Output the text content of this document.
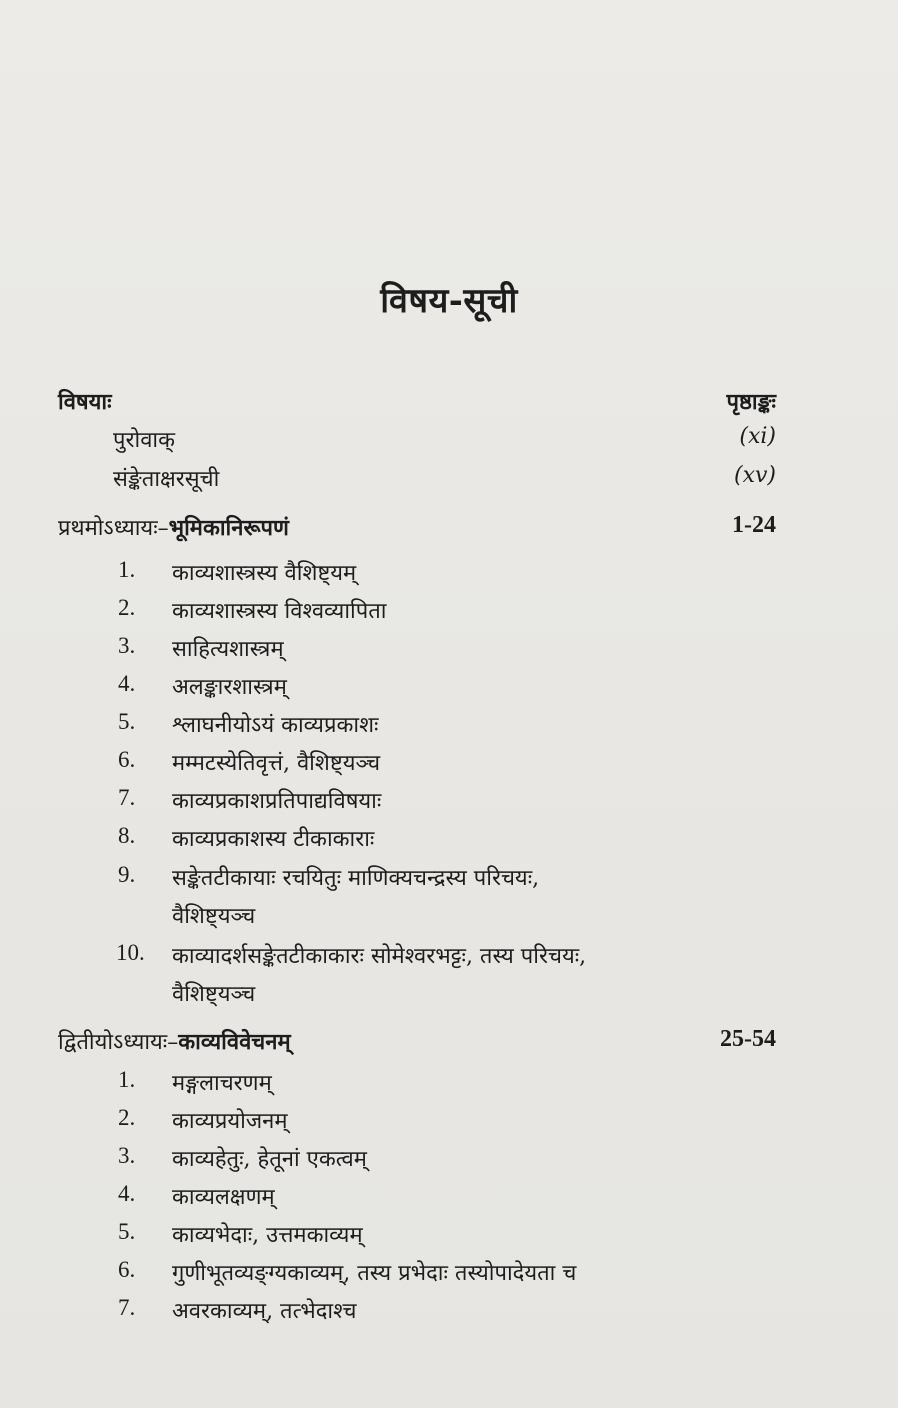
विषय-सूची
विषयाः	पृष्ठाङ्कः
पुरोवाक्	(xi)
संङ्केताक्षरसूची	(xv)
प्रथमोऽध्यायः–भूमिकानिरूपणं	1-24
1.	काव्यशास्त्रस्य वैशिष्ट्यम्
2.	काव्यशास्त्रस्य विश्वव्यापिता
3.	साहित्यशास्त्रम्
4.	अलङ्कारशास्त्रम्
5.	श्लाघनीयोऽयं काव्यप्रकाशः
6.	मम्मटस्येतिवृत्तं, वैशिष्ट्यञ्च
7.	काव्यप्रकाशप्रतिपाद्यविषयाः
8.	काव्यप्रकाशस्य टीकाकाराः
9.	सङ्केतटीकायाः रचयितुः माणिक्यचन्द्रस्य परिचयः,
वैशिष्ट्यञ्च
10.	काव्यादर्शसङ्केतटीकाकारः सोमेश्वरभट्टः, तस्य परिचयः,
वैशिष्ट्यञ्च
द्वितीयोऽध्यायः–काव्यविवेचनम्	25-54
1.	मङ्गलाचरणम्
2.	काव्यप्रयोजनम्
3.	काव्यहेतुः, हेतूनां एकत्वम्
4.	काव्यलक्षणम्
5.	काव्यभेदाः, उत्तमकाव्यम्
6.	गुणीभूतव्यङ्ग्यकाव्यम्, तस्य प्रभेदाः तस्योपादेयता च
7.	अवरकाव्यम्, तत्भेदाश्च
